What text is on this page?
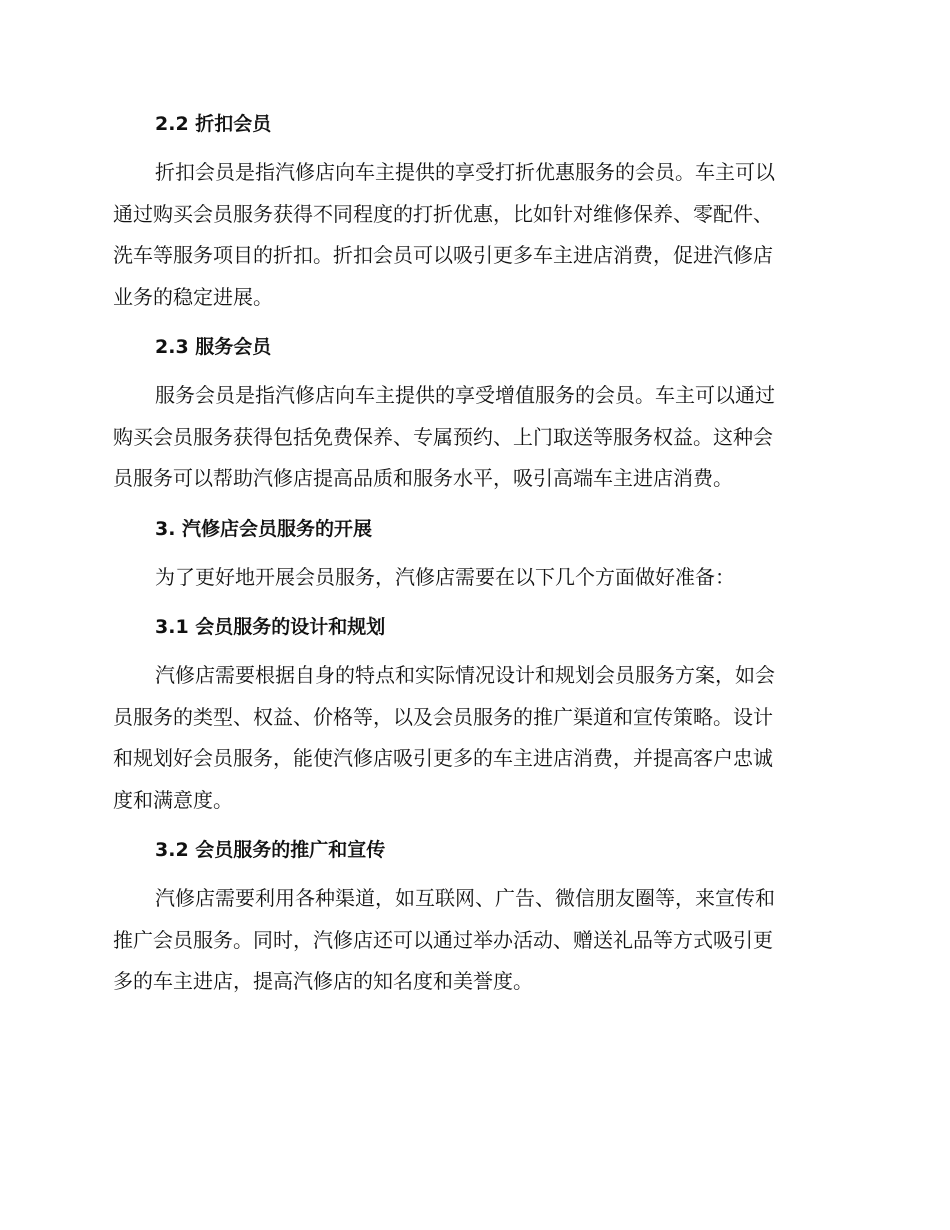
2.2 折扣会员

折扣会员是指汽修店向车主提供的享受打折优惠服务的会员。车主可以
通过购买会员服务获得不同程度的打折优惠，比如针对维修保养、零配件、
洗车等服务项目的折扣。折扣会员可以吸引更多车主进店消费，促进汽修店
业务的稳定进展。

2.3 服务会员

服务会员是指汽修店向车主提供的享受增值服务的会员。车主可以通过
购买会员服务获得包括免费保养、专属预约、上门取送等服务权益。这种会
员服务可以帮助汽修店提高品质和服务水平，吸引高端车主进店消费。

3. 汽修店会员服务的开展

为了更好地开展会员服务，汽修店需要在以下几个方面做好准备：

3.1 会员服务的设计和规划

汽修店需要根据自身的特点和实际情况设计和规划会员服务方案，如会
员服务的类型、权益、价格等，以及会员服务的推广渠道和宣传策略。设计
和规划好会员服务，能使汽修店吸引更多的车主进店消费，并提高客户忠诚
度和满意度。

3.2 会员服务的推广和宣传

汽修店需要利用各种渠道，如互联网、广告、微信朋友圈等，来宣传和
推广会员服务。同时，汽修店还可以通过举办活动、赠送礼品等方式吸引更
多的车主进店，提高汽修店的知名度和美誉度。
